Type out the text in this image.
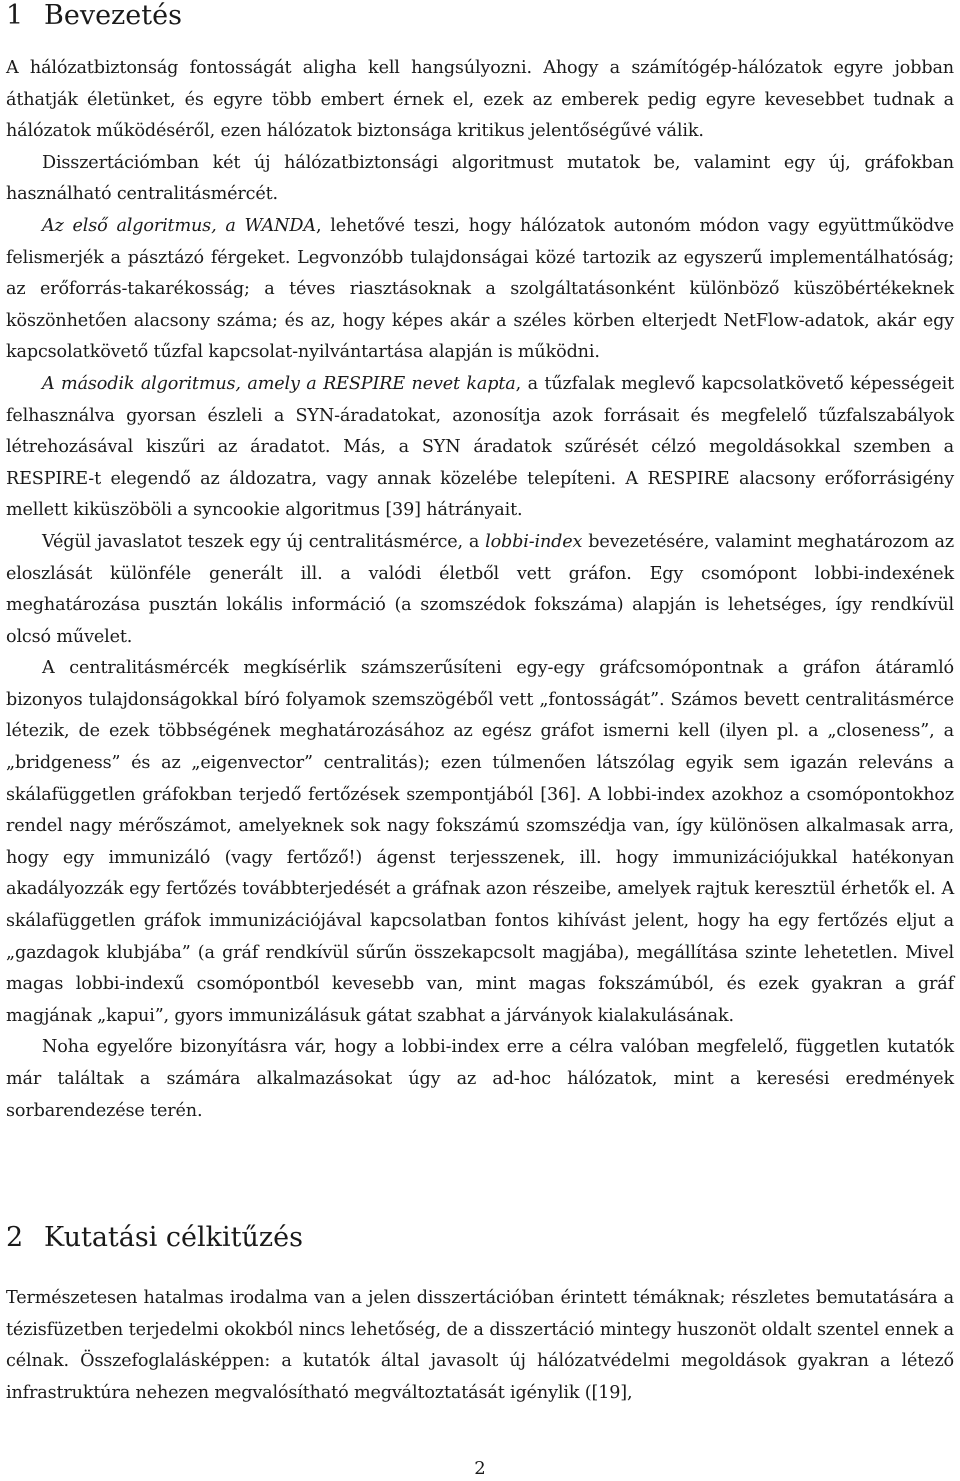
1 Bevezetés

A hálózatbiztonság fontosságát aligha kell hangsúlyozni. Ahogy a számítógép-hálózatok egyre jobban áthatják életünket, és egyre több embert érnek el, ezek az emberek pedig egyre kevesebbet tudnak a hálózatok működéséről, ezen hálózatok biztonsága kritikus jelentőségűvé válik.

Disszertációmban két új hálózatbiztonsági algoritmust mutatok be, valamint egy új, gráfokban használható centralitásmércét.

Az első algoritmus, a WANDA, lehetővé teszi, hogy hálózatok autonóm módon vagy együttműködve felismerjék a pásztázó férgeket. Legvonzóbb tulajdonságai közé tartozik az egyszerű implementálhatóság; az erőforrás-takarékosság; a téves riasztásoknak a szolgáltatásonként különböző küszöbértékeknek köszönhetően alacsony száma; és az, hogy képes akár a széles körben elterjedt NetFlow-adatok, akár egy kapcsolatkövető tűzfal kapcsolat-nyilvántartása alapján is működni.

A második algoritmus, amely a RESPIRE nevet kapta, a tűzfalak meglevő kapcsolatkövető képességeit felhasználva gyorsan észleli a SYN-áradatokat, azonosítja azok forrásait és megfelelő tűzfalszabályok létrehozásával kiszűri az áradatot. Más, a SYN áradatok szűrését célzó megoldásokkal szemben a RESPIRE-t elegendő az áldozatra, vagy annak közelébe telepíteni. A RESPIRE alacsony erőforrásigény mellett kiküszöböli a syncookie algoritmus [39] hátrányait.

Végül javaslatot teszek egy új centralitásmérce, a lobbi-index bevezetésére, valamint meghatározom az eloszlását különféle generált ill. a valódi életből vett gráfon. Egy csomópont lobbi-indexének meghatározása pusztán lokális információ (a szomszédok fokszáma) alapján is lehetséges, így rendkívül olcsó művelet.

A centralitásmércék megkísérlik számszerűsíteni egy-egy gráfcsomópontnak a gráfon átáramló bizonyos tulajdonságokkal bíró folyamok szemszögéből vett „fontosságát”. Számos bevett centralitásmérce létezik, de ezek többségének meghatározásához az egész gráfot ismerni kell (ilyen pl. a „closeness”, a „bridgeness” és az „eigenvector” centralitás); ezen túlmenően látszólag egyik sem igazán releváns a skálafüggetlen gráfokban terjedő fertőzések szempontjából [36]. A lobbi-index azokhoz a csomópontokhoz rendel nagy mérőszámot, amelyeknek sok nagy fokszámú szomszédja van, így különösen alkalmasak arra, hogy egy immunizáló (vagy fertőző!) ágenst terjesszenek, ill. hogy immunizációjukkal hatékonyan akadályozzák egy fertőzés továbbterjedését a gráfnak azon részeibe, amelyek rajtuk keresztül érhetők el. A skálafüggetlen gráfok immunizációjával kapcsolatban fontos kihívást jelent, hogy ha egy fertőzés eljut a „gazdagok klubjába” (a gráf rendkívül sűrűn összekapcsolt magjába), megállítása szinte lehetetlen. Mivel magas lobbi-indexű csomópontból kevesebb van, mint magas fokszámúból, és ezek gyakran a gráf magjának „kapui”, gyors immunizálásuk gátat szabhat a járványok kialakulásának.

Noha egyelőre bizonyításra vár, hogy a lobbi-index erre a célra valóban megfelelő, független kutatók már találtak a számára alkalmazásokat úgy az ad-hoc hálózatok, mint a keresési eredmények sorbarendezése terén.

2 Kutatási célkitűzés

Természetesen hatalmas irodalma van a jelen disszertációban érintett témáknak; részletes bemutatására a tézisfüzetben terjedelmi okokból nincs lehetőség, de a disszertáció mintegy huszonöt oldalt szentel ennek a célnak. Összefoglalásképpen: a kutatók által javasolt új hálózatvédelmi megoldások gyakran a létező infrastruktúra nehezen megvalósítható megváltoztatását igénylik ([19],

2
